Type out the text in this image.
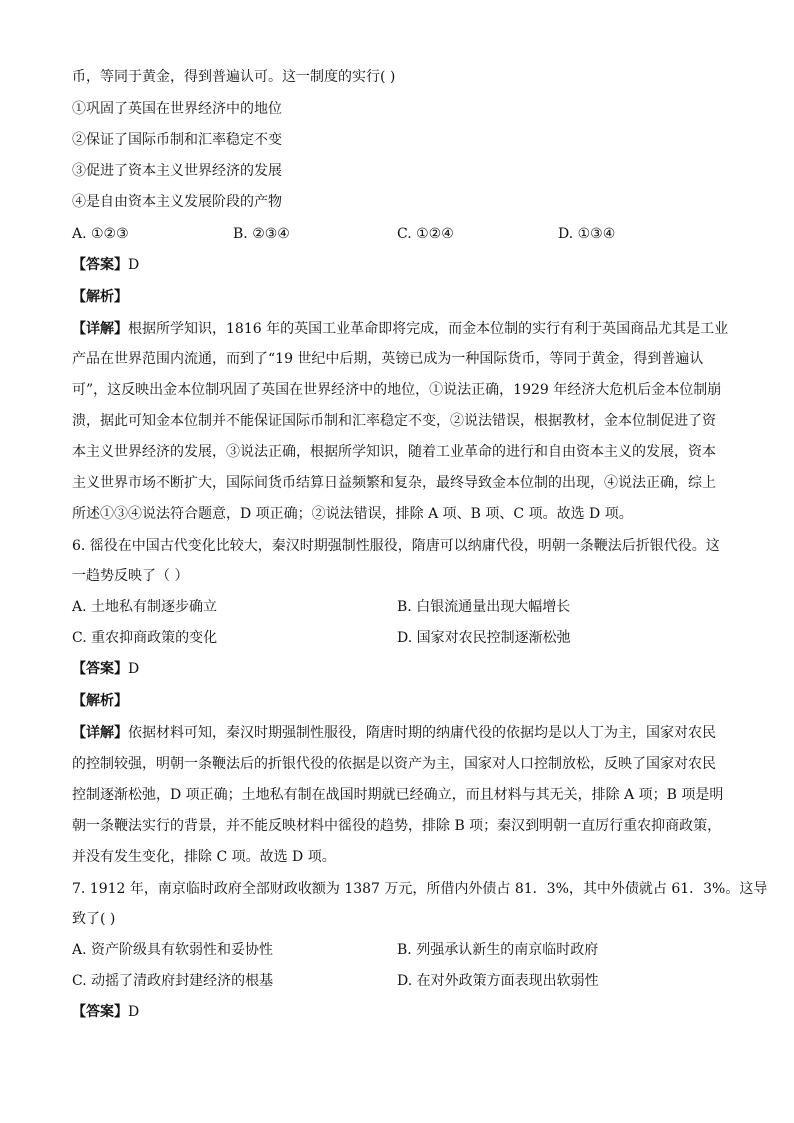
币，等同于黄金，得到普遍认可。这一制度的实行( )
①巩固了英国在世界经济中的地位
②保证了国际币制和汇率稳定不变
③促进了资本主义世界经济的发展
④是自由资本主义发展阶段的产物
A. ①②③	B. ②③④	C. ①②④	D. ①③④
【答案】D
【解析】
【详解】根据所学知识，1816 年的英国工业革命即将完成，而金本位制的实行有利于英国商品尤其是工业
产品在世界范围内流通，而到了“19 世纪中后期，英镑已成为一种国际货币，等同于黄金，得到普遍认
可”，这反映出金本位制巩固了英国在世界经济中的地位，①说法正确，1929 年经济大危机后金本位制崩
溃，据此可知金本位制并不能保证国际币制和汇率稳定不变，②说法错误，根据教材，金本位制促进了资
本主义世界经济的发展，③说法正确，根据所学知识，随着工业革命的进行和自由资本主义的发展，资本
主义世界市场不断扩大，国际间货币结算日益频繁和复杂，最终导致金本位制的出现，④说法正确，综上
所述①③④说法符合题意，D 项正确；②说法错误，排除 A 项、B 项、C 项。故选 D 项。
6. 徭役在中国古代变化比较大，秦汉时期强制性服役，隋唐可以纳庸代役，明朝一条鞭法后折银代役。这
一趋势反映了（ ）
A. 土地私有制逐步确立	B. 白银流通量出现大幅增长
C. 重农抑商政策的变化	D. 国家对农民控制逐渐松弛
【答案】D
【解析】
【详解】依据材料可知，秦汉时期强制性服役，隋唐时期的纳庸代役的依据均是以人丁为主，国家对农民
的控制较强，明朝一条鞭法后的折银代役的依据是以资产为主，国家对人口控制放松，反映了国家对农民
控制逐渐松弛，D 项正确；土地私有制在战国时期就已经确立，而且材料与其无关，排除 A 项；B 项是明
朝一条鞭法实行的背景，并不能反映材料中徭役的趋势，排除 B 项；秦汉到明朝一直厉行重农抑商政策，
并没有发生变化，排除 C 项。故选 D 项。
7. 1912 年，南京临时政府全部财政收额为 1387 万元，所借内外债占 81．3%，其中外债就占 61．3%。这导
致了( )
A. 资产阶级具有软弱性和妥协性	B. 列强承认新生的南京临时政府
C. 动摇了清政府封建经济的根基	D. 在对外政策方面表现出软弱性
【答案】D
